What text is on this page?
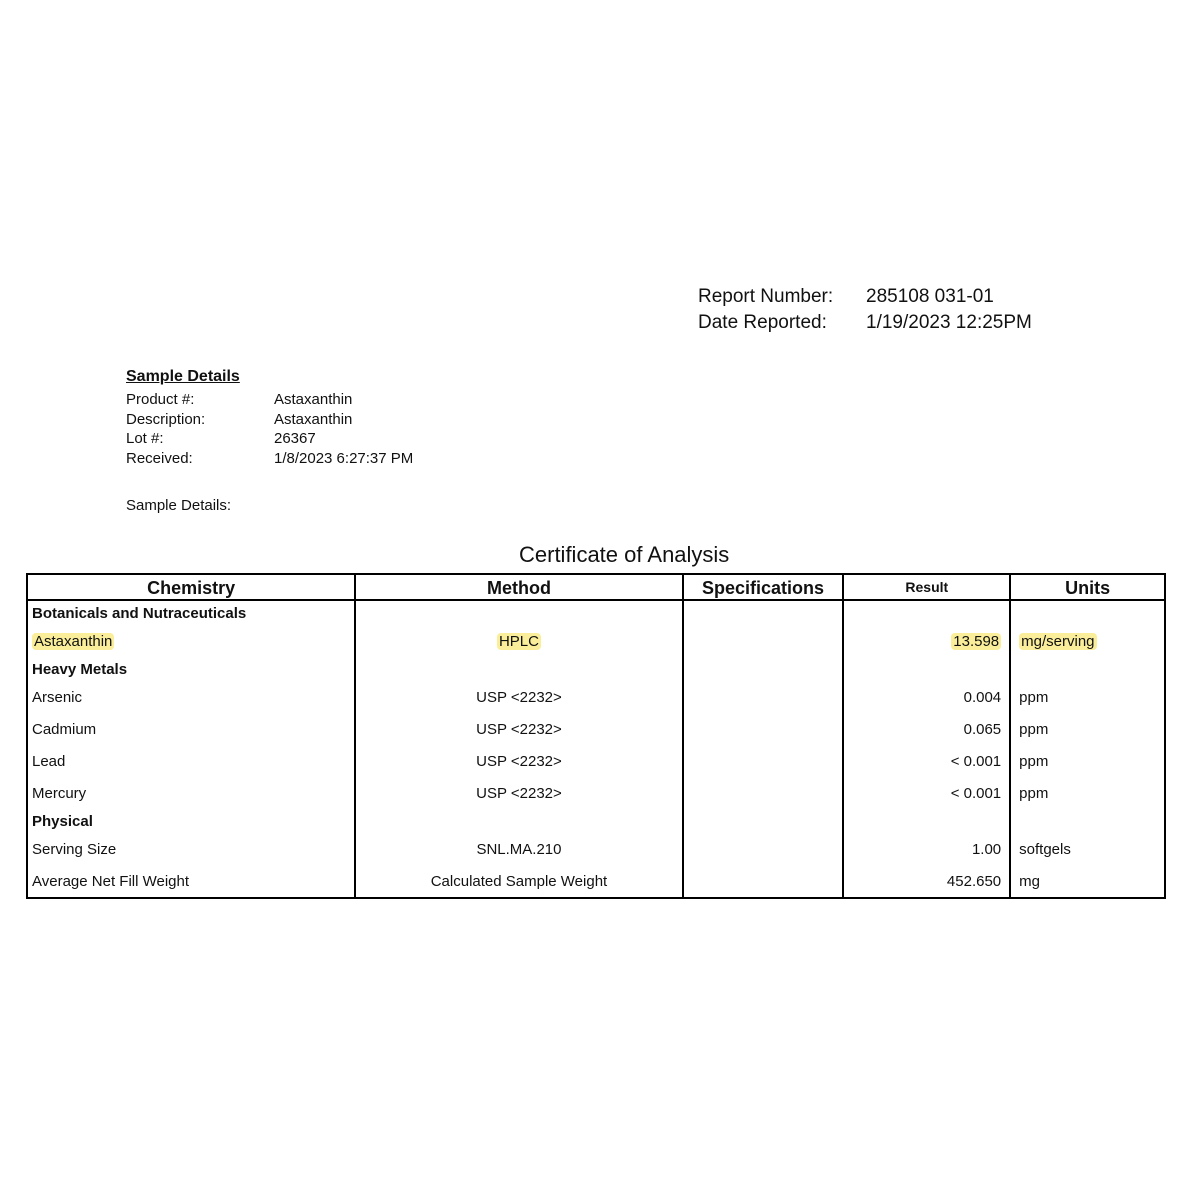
Report Number:	285108 031-01
Date Reported:	1/19/2023 12:25PM
Sample Details
Product #:	Astaxanthin
Description:	Astaxanthin
Lot #:	26367
Received:	1/8/2023 6:27:37 PM
Sample Details:
Certificate of Analysis
Chemistry	Method	Specifications	Result	Units
Botanicals and Nutraceuticals				
Astaxanthin	HPLC		13.598	mg/serving
Heavy Metals				
Arsenic	USP <2232>		0.004	ppm
Cadmium	USP <2232>		0.065	ppm
Lead	USP <2232>		< 0.001	ppm
Mercury	USP <2232>		< 0.001	ppm
Physical				
Serving Size	SNL.MA.210		1.00	softgels
Average Net Fill Weight	Calculated Sample Weight		452.650	mg
